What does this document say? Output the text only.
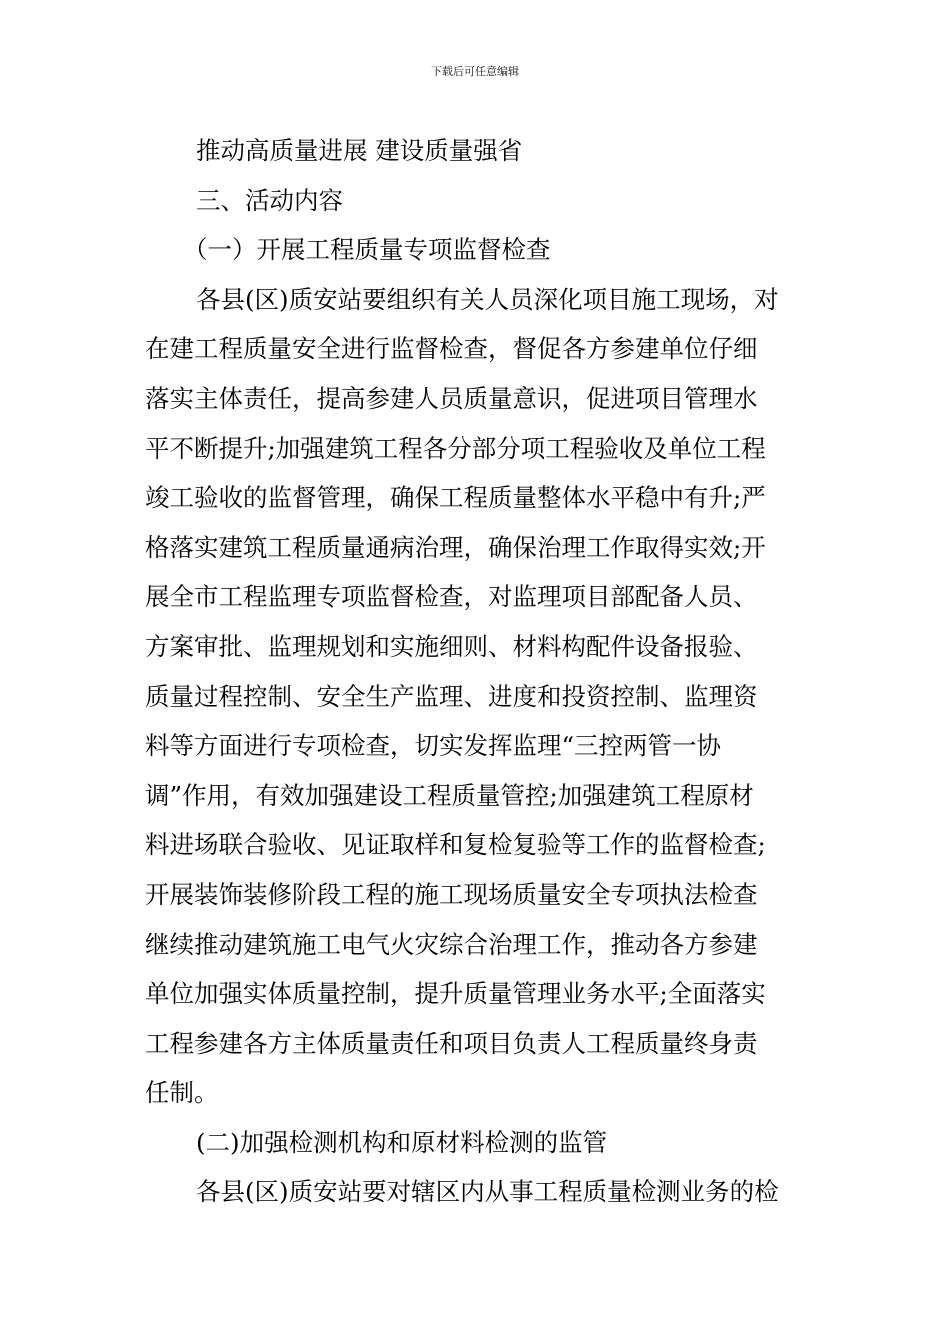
下载后可任意编辑

推动高质量进展 建设质量强省

三、活动内容

（一）开展工程质量专项监督检查

各县(区)质安站要组织有关人员深化项目施工现场，对

在建工程质量安全进行监督检查，督促各方参建单位仔细

落实主体责任，提高参建人员质量意识，促进项目管理水

平不断提升;加强建筑工程各分部分项工程验收及单位工程

竣工验收的监督管理，确保工程质量整体水平稳中有升;严

格落实建筑工程质量通病治理，确保治理工作取得实效;开

展全市工程监理专项监督检查，对监理项目部配备人员、

方案审批、监理规划和实施细则、材料构配件设备报验、

质量过程控制、安全生产监理、进度和投资控制、监理资

料等方面进行专项检查，切实发挥监理“三控两管一协

调”作用，有效加强建设工程质量管控;加强建筑工程原材

料进场联合验收、见证取样和复检复验等工作的监督检查;

开展装饰装修阶段工程的施工现场质量安全专项执法检查

继续推动建筑施工电气火灾综合治理工作，推动各方参建

单位加强实体质量控制，提升质量管理业务水平;全面落实

工程参建各方主体质量责任和项目负责人工程质量终身责

任制。

(二)加强检测机构和原材料检测的监管

各县(区)质安站要对辖区内从事工程质量检测业务的检
